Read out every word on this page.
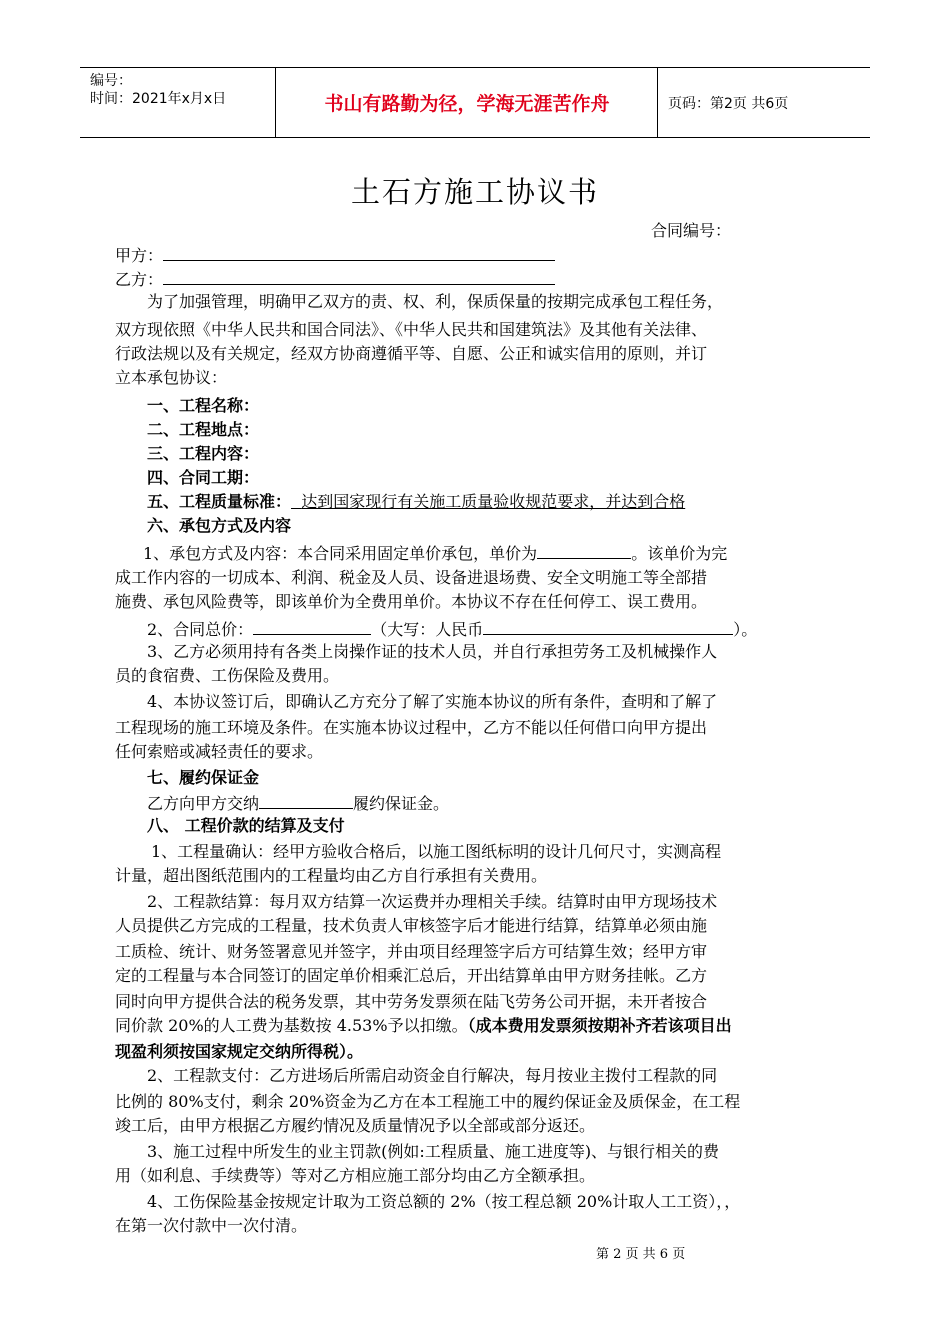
编号：
时间：2021年x月x日	书山有路勤为径，学海无涯苦作舟	页码：第2页 共6页
土石方施工协议书
合同编号：
甲方：
乙方：
为了加强管理，明确甲乙双方的责、权、利，保质保量的按期完成承包工程任务，
双方现依照《中华人民共和国合同法》、《中华人民共和国建筑法》及其他有关法律、
行政法规以及有关规定，经双方协商遵循平等、自愿、公正和诚实信用的原则，并订
立本承包协议：
一、工程名称：
二、工程地点：
三、工程内容：
四、合同工期：
五、工程质量标准： 达到国家现行有关施工质量验收规范要求，并达到合格
六、承包方式及内容
1、承包方式及内容：本合同采用固定单价承包，单价为	。该单价为完
成工作内容的一切成本、利润、税金及人员、设备进退场费、安全文明施工等全部措
施费、承包风险费等，即该单价为全费用单价。本协议不存在任何停工、误工费用。
2、合同总价：	（大写：人民币	）。
3、乙方必须用持有各类上岗操作证的技术人员，并自行承担劳务工及机械操作人
员的食宿费、工伤保险及费用。
4、本协议签订后，即确认乙方充分了解了实施本协议的所有条件，查明和了解了
工程现场的施工环境及条件。在实施本协议过程中，乙方不能以任何借口向甲方提出
任何索赔或减轻责任的要求。
七、履约保证金
乙方向甲方交纳	履约保证金。
八、 工程价款的结算及支付
1、工程量确认：经甲方验收合格后，以施工图纸标明的设计几何尺寸，实测高程
计量，超出图纸范围内的工程量均由乙方自行承担有关费用。
2、工程款结算：每月双方结算一次运费并办理相关手续。结算时由甲方现场技术
人员提供乙方完成的工程量，技术负责人审核签字后才能进行结算，结算单必须由施
工质检、统计、财务签署意见并签字，并由项目经理签字后方可结算生效；经甲方审
定的工程量与本合同签订的固定单价相乘汇总后，开出结算单由甲方财务挂帐。乙方
同时向甲方提供合法的税务发票，其中劳务发票须在陆飞劳务公司开据，未开者按合
同价款 20%的人工费为基数按 4.53%予以扣缴。（成本费用发票须按期补齐若该项目出
现盈利须按国家规定交纳所得税）。
2、工程款支付：乙方进场后所需启动资金自行解决，每月按业主拨付工程款的同
比例的 80%支付，剩余 20%资金为乙方在本工程施工中的履约保证金及质保金，在工程
竣工后，由甲方根据乙方履约情况及质量情况予以全部或部分返还。
3、施工过程中所发生的业主罚款(例如:工程质量、施工进度等)、与银行相关的费
用（如利息、手续费等）等对乙方相应施工部分均由乙方全额承担。
4、工伤保险基金按规定计取为工资总额的 2%（按工程总额 20%计取人工工资），，
在第一次付款中一次付清。
第 2 页 共 6 页
